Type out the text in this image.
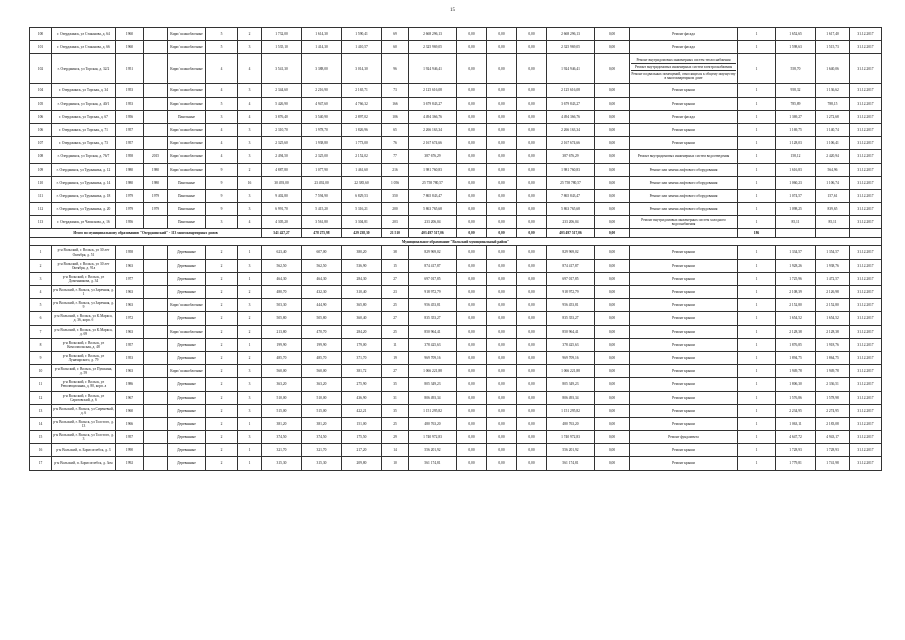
15
100	г. Озерджинск, ул Стаканова, д. 64	1960		Кирп/ шлакоблочные	5	2	1 732,00	1 614,30	1 590,41	69	2 668 296,13	0,00	0,00	0,00	2 668 296,13	0,00	Ремонт фасада	1	1 652,65	1 617,40	31.12.2017
101	г. Озерджинск, ул Стаканова, д. 66	1960		Кирп/ шлакоблочные	5	3	1 535,10	1 414,30	1 410,57	60	2 325 969,05	0,00	0,00	0,00	2 325 969,05	0,00	Ремонт фасада	1	1 598,63	1 515,73	31.12.2017
102	г. Озерджинск, ул Торская, д. 32/2	1951		Кирп/ шлакоблочные	4	4	3 541,30	3 388,00	3 014,30	96	1 924 946,41	0,00	0,00	0,00	1 924 946,41	0,00	Ремонт внутридомовых инженерных систем теплоснабжения
Ремонт внутридомовых инженерных систем электроснабжения
Ремонт подвальных помещений, относящихся к общему имуществу в многоквартирном доме	1	558,70	1 640,06	31.12.2017
104	г. Озерджинск, ул Торская, д. 34	1953		Кирп/ шлакоблочные	4	3	2 344,60	2 216,90	2 165,71	73	2 125 616,08	0,00	0,00	0,00	2 125 616,08	0,00	Ремонт крыши	1	958,32	1 136,62	31.12.2017
105	г. Озерджинск, ул Торская, д. 40/1	1953		Кирп/ шлакоблочные	5	4	5 426,90	4 947,60	4 766,32	166	3 679 843,27	0,00	0,00	0,00	3 679 843,27	0,00	Ремонт крыши	1	785,89	788,15	31.12.2017
106	г. Озерджинск, ул Торская, д. 67	1956		Панельные	3	4	3 876,40	3 540,90	2 897,02	106	4 494 366,76	0,00	0,00	0,00	4 494 366,76	0,00	Ремонт фасада	1	1 369,27	1 272,68	31.12.2017
106	г. Озерджинск, ул Торская, д. 71	1957		Кирп/ шлакоблочные	4	3	2 310,70	1 978,70	1 826,96	65	2 266 163,34	0,00	0,00	0,00	2 266 163,34	0,00	Ремонт крыши	1	1 169,75	1 140,74	31.12.2017
107	г. Озерджинск, ул Торская, д. 73	1957		Кирп/ шлакоблочные	4	3	2 325,60	1 938,80	1 773,00	76	2 167 674,66	0,00	0,00	0,00	2 167 674,66	0,00	Ремонт крыши	1	1 128,03	1 106,41	31.12.2017
108	г. Озерджинск, ул Торская, д. 76/7	1958	2015	Кирп/ шлакоблочные	4	3	2 494,50	2 325,00	2 152,02	77	387 676,29	0,00	0,00	0,00	387 676,29	0,00	Ремонт внутридомовых инженерных систем водоотведения	1	158,12	2 420,94	31.12.2017
109	г. Озерджинск, ул Тружаника, д. 12	1980	1980	Кирп/ шлакоблочные	9	2	4 887,80	1 077,90	1 461,60	216	1 981 760,83	0,00	0,00	0,00	1 981 760,83	0,00	Ремонт или замена лифтового оборудования	1	1 616,83	564,96	31.12.2017
110	г. Озерджинск, ул Тружаника, д. 14	1980	1980	Панельные	9	16	30 493,00	23 492,00	22 385,60	1 056	25 758 780,57	0,00	0,00	0,00	25 758 780,57	0,00	Ремонт или замена лифтового оборудования	1	1 060,23	1 106,74	31.12.2017
111	г. Озерджинск, ул Тружаника, д. 18	1979	1979	Панельные	9	3	9 402,80	7 594,90	6 829,53	350	7 865 843,47	0,00	0,00	0,00	7 865 843,47	0,00	Ремонт или замена лифтового оборудования	1	1 074,57	157,61	31.12.2017
112	г. Озерджинск, ул Тружаника, д. 20	1979	1979	Панельные	9	3	6 991,70	5 415,20	5 316,21	200	5 863 765,68	0,00	0,00	0,00	5 863 765,68	0,00	Ремонт или замена лифтового оборудования	1	1 098,25	839,65	31.12.2017
113	г. Озерджинск, ул Чапаскова, д. 16	1956		Панельные	3	4	4 305,20	3 561,80	3 304,81	203	233 206,04	0,00	0,00	0,00	233 206,04	0,00	Ремонт внутридомовых инженерных систем холодного водоснабжения	1	85,11	85,11	31.12.2017
Итого по муниципальному образованию "Озерджинский" - 113 многоквартирных домов							541 427,27	478 275,98	429 238,30	21 510	403 497 517,06	0,00	0,00	0,00	403 497 517,06	0,00		186			
Муниципальное образование "Вольский муниципальный район"																					
1	р-н Вольский, г. Вольск, ул 30 лет Октября, д. 51	1958		Деревянные	2	1	623,40	607,00	380,20	38	829 969,02	0,00	0,00	0,00	829 969,02	0,00	Ремонт крыши	1	1 334,57	1 354,57	31.12.2017
2	р-н Вольский, г. Вольск, ул 30 лет Октября, д. 91а	1963		Деревянные	2	3	562,50	562,50	536,90	15	874 417,87	0,00	0,00	0,00	874 417,87	0,00	Ремонт крыши	1	1 928,26	1 938,76	31.12.2017
3	р-н Вольский, г. Вольск, ул Доменникова, д. 34	1977		Деревянные	2	1	464,30	464,30	284,30	27	697 017,85	0,00	0,00	0,00	697 017,85	0,00	Ремонт крыши	1	1 725,96	1 472,57	31.12.2017
4	р-н Вольский, г. Вольск, ул Заречная, д. 1	1963		Деревянные	2	2	480,70	432,30	310,40	23	918 972,79	0,00	0,00	0,00	918 972,79	0,00	Ремонт крыши	1	2 108,39	2 126,98	31.12.2017
5	р-н Вольский, г. Вольск, ул Заречная, д. 9	1963		Кирп/ шлакоблочные	2	3	503,30	444,90	365,80	25	956 453,81	0,00	0,00	0,00	956 453,81	0,00	Ремонт крыши	1	2 152,80	2 152,80	31.12.2017
6	р-н Вольский, г. Вольск, ул К.Маркса, д. 36, корп. б	1972		Деревянные	2	2	505,80	505,80	360,40	27	835 353,27	0,00	0,00	0,00	835 353,27	0,00	Ремонт крыши	1	1 654,52	1 654,52	31.12.2017
7	р-н Вольский, г. Вольск, ул К.Маркса, д. 69	1963		Кирп/ шлакоблочные	2	2	213,80	470,70	284,20	25	850 964,41	0,00	0,00	0,00	850 964,41	0,00	Ремонт крыши	1	2 128,38	2 128,38	31.12.2017
8	р-н Вольский, г. Вольск, ул Комсомольская, д. 48	1957		Деревянные	2	1	199,90	199,90	179,00	11	378 425,63	0,00	0,00	0,00	378 425,63	0,00	Ремонт крыши	1	1 876,85	1 918,76	31.12.2017
9	р-н Вольский, г. Вольск, ул Луначарского, д. 79	1953		Деревянные	2	2	485,70	485,70	371,70	19	969 709,16	0,00	0,00	0,00	969 709,16	0,00	Ремонт крыши	1	1 894,75	1 864,75	31.12.2017
10	р-н Вольский, г. Вольск, ул Пушкина, д. 59	1963		Кирп/ шлакоблочные	2	3	560,00	560,00	381,72	27	1 066 221,88	0,00	0,00	0,00	1 066 221,88	0,00	Ремонт крыши	1	1 949,78	1 949,78	31.12.2017
11	р-н Вольский, г. Вольск, ул Революционная, д. 80, корп. а	1986		Деревянные	2	3	363,20	363,20	275,90	35	805 349,23	0,00	0,00	0,00	805 349,23	0,00	Ремонт крыши	1	1 806,30	2 336,51	31.12.2017
12	р-н Вольский, г. Вольск, ул Саратовский, д. 6	1967		Деревянные	2	3	510,00	510,00	436,90	31	806 493,34	0,00	0,00	0,00	806 493,34	0,00	Ремонт крыши	1	1 576,86	1 578,98	31.12.2017
13	р-н Вольский, г. Вольск, ул Сиреневый, д. 6	1960		Деревянные	2	3	515,00	515,00	422,21	35	1 151 295,82	0,00	0,00	0,00	1 151 295,82	0,00	Ремонт крыши	1	2 234,95	2 274,95	31.12.2017
14	р-н Вольский, г. Вольск, ул Толстого, д. 13	1966		Деревянные	2	1	381,20	381,20	151,00	25	480 763,20	0,00	0,00	0,00	480 763,20	0,00	Ремонт крыши	1	1 063,11	2 183,08	31.12.2017
15	р-н Вольский, г. Вольск, ул Толстого, д. 3	1957		Деревянные	2	3	374,50	374,50	175,50	29	1 740 972,83	0,00	0,00	0,00	1 740 972,83	0,00	Ремонт фундамента	1	4 647,72	4 943,17	31.12.2017
16	р-н Вольский, п. Борисоглебск, д. 3	1990		Деревянные	2	1	321,70	321,70	217,20	14	556 201,92	0,00	0,00	0,00	556 201,92	0,00	Ремонт крыши	1	1 728,93	1 728,93	31.12.2017
17	р-н Вольский, п. Борисоглебск, д. 3ом	1992		Деревянные	2	1	315,30	315,30	209,80	10	561 174,81	0,00	0,00	0,00	561 174,81	0,00	Ремонт крыши	1	1 779,81	1 741,98	31.12.2017
